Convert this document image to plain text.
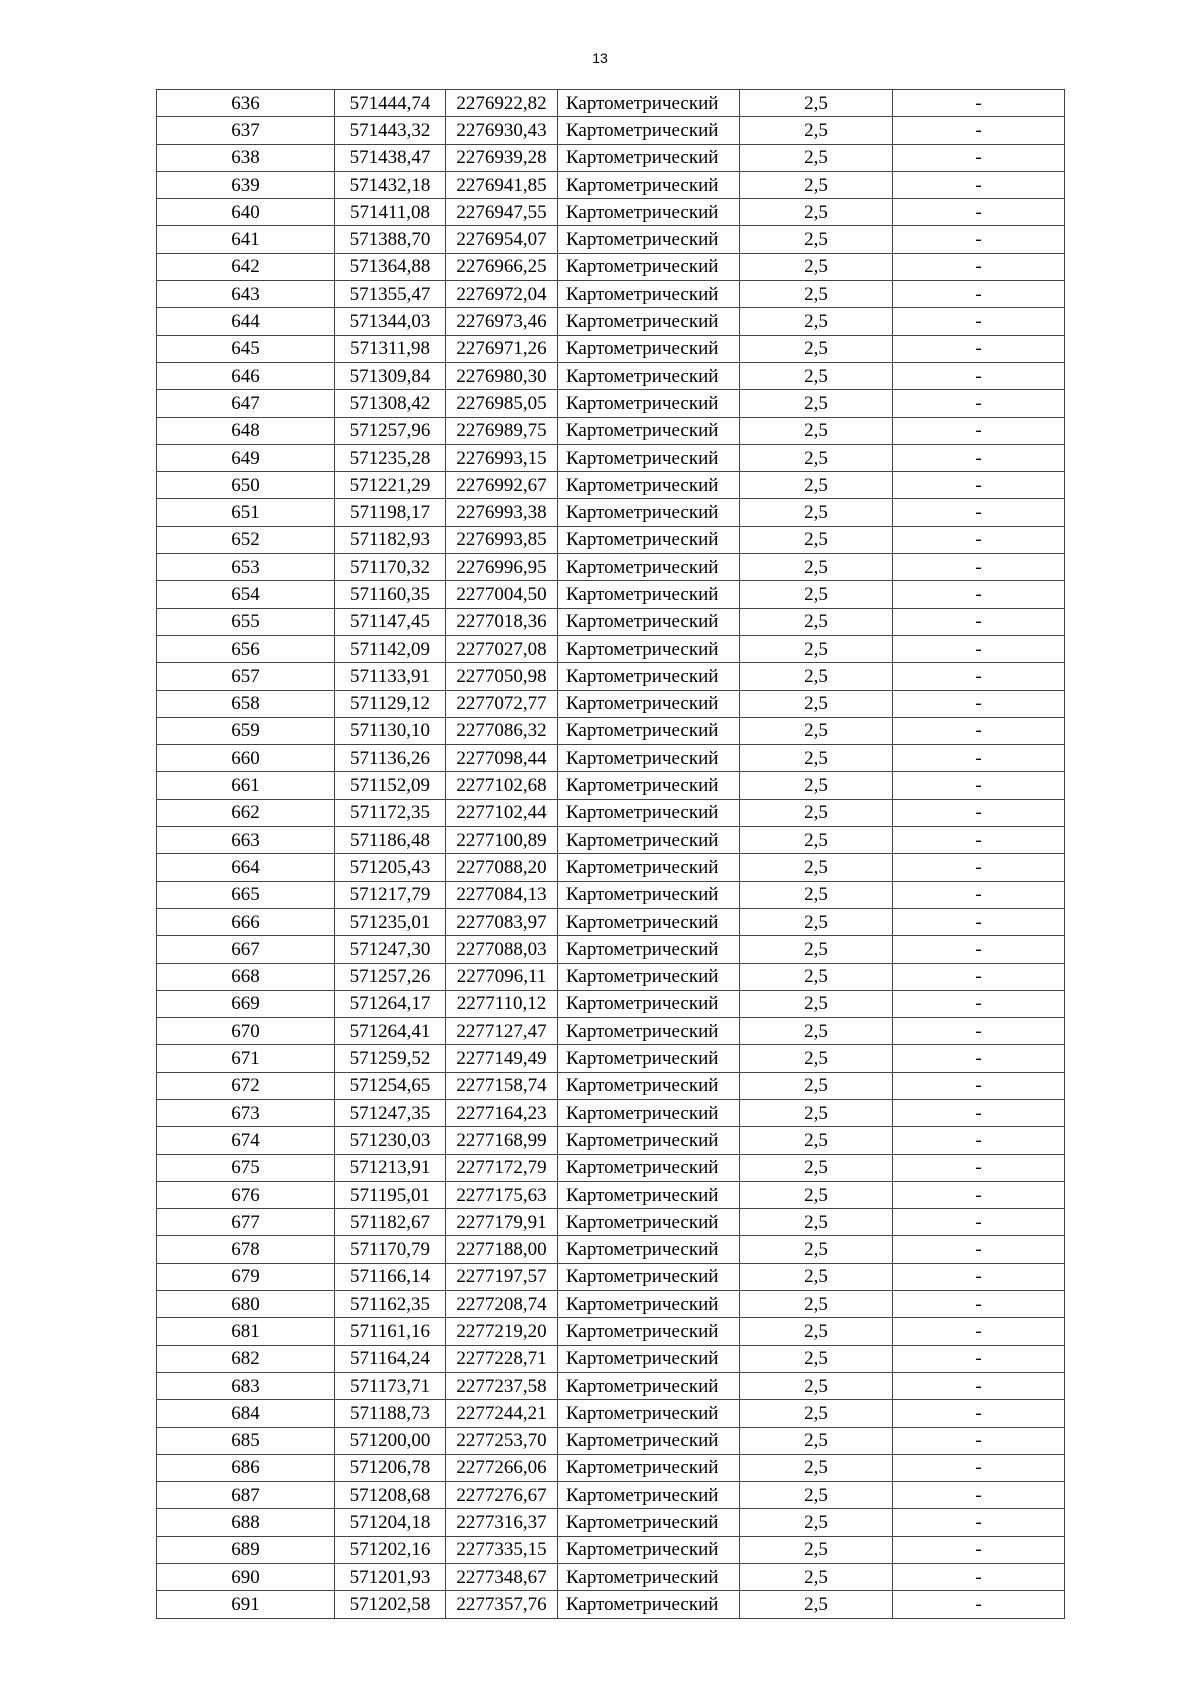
13
636	571444,74	2276922,82	Картометрический	2,5	-
637	571443,32	2276930,43	Картометрический	2,5	-
638	571438,47	2276939,28	Картометрический	2,5	-
639	571432,18	2276941,85	Картометрический	2,5	-
640	571411,08	2276947,55	Картометрический	2,5	-
641	571388,70	2276954,07	Картометрический	2,5	-
642	571364,88	2276966,25	Картометрический	2,5	-
643	571355,47	2276972,04	Картометрический	2,5	-
644	571344,03	2276973,46	Картометрический	2,5	-
645	571311,98	2276971,26	Картометрический	2,5	-
646	571309,84	2276980,30	Картометрический	2,5	-
647	571308,42	2276985,05	Картометрический	2,5	-
648	571257,96	2276989,75	Картометрический	2,5	-
649	571235,28	2276993,15	Картометрический	2,5	-
650	571221,29	2276992,67	Картометрический	2,5	-
651	571198,17	2276993,38	Картометрический	2,5	-
652	571182,93	2276993,85	Картометрический	2,5	-
653	571170,32	2276996,95	Картометрический	2,5	-
654	571160,35	2277004,50	Картометрический	2,5	-
655	571147,45	2277018,36	Картометрический	2,5	-
656	571142,09	2277027,08	Картометрический	2,5	-
657	571133,91	2277050,98	Картометрический	2,5	-
658	571129,12	2277072,77	Картометрический	2,5	-
659	571130,10	2277086,32	Картометрический	2,5	-
660	571136,26	2277098,44	Картометрический	2,5	-
661	571152,09	2277102,68	Картометрический	2,5	-
662	571172,35	2277102,44	Картометрический	2,5	-
663	571186,48	2277100,89	Картометрический	2,5	-
664	571205,43	2277088,20	Картометрический	2,5	-
665	571217,79	2277084,13	Картометрический	2,5	-
666	571235,01	2277083,97	Картометрический	2,5	-
667	571247,30	2277088,03	Картометрический	2,5	-
668	571257,26	2277096,11	Картометрический	2,5	-
669	571264,17	2277110,12	Картометрический	2,5	-
670	571264,41	2277127,47	Картометрический	2,5	-
671	571259,52	2277149,49	Картометрический	2,5	-
672	571254,65	2277158,74	Картометрический	2,5	-
673	571247,35	2277164,23	Картометрический	2,5	-
674	571230,03	2277168,99	Картометрический	2,5	-
675	571213,91	2277172,79	Картометрический	2,5	-
676	571195,01	2277175,63	Картометрический	2,5	-
677	571182,67	2277179,91	Картометрический	2,5	-
678	571170,79	2277188,00	Картометрический	2,5	-
679	571166,14	2277197,57	Картометрический	2,5	-
680	571162,35	2277208,74	Картометрический	2,5	-
681	571161,16	2277219,20	Картометрический	2,5	-
682	571164,24	2277228,71	Картометрический	2,5	-
683	571173,71	2277237,58	Картометрический	2,5	-
684	571188,73	2277244,21	Картометрический	2,5	-
685	571200,00	2277253,70	Картометрический	2,5	-
686	571206,78	2277266,06	Картометрический	2,5	-
687	571208,68	2277276,67	Картометрический	2,5	-
688	571204,18	2277316,37	Картометрический	2,5	-
689	571202,16	2277335,15	Картометрический	2,5	-
690	571201,93	2277348,67	Картометрический	2,5	-
691	571202,58	2277357,76	Картометрический	2,5	-
